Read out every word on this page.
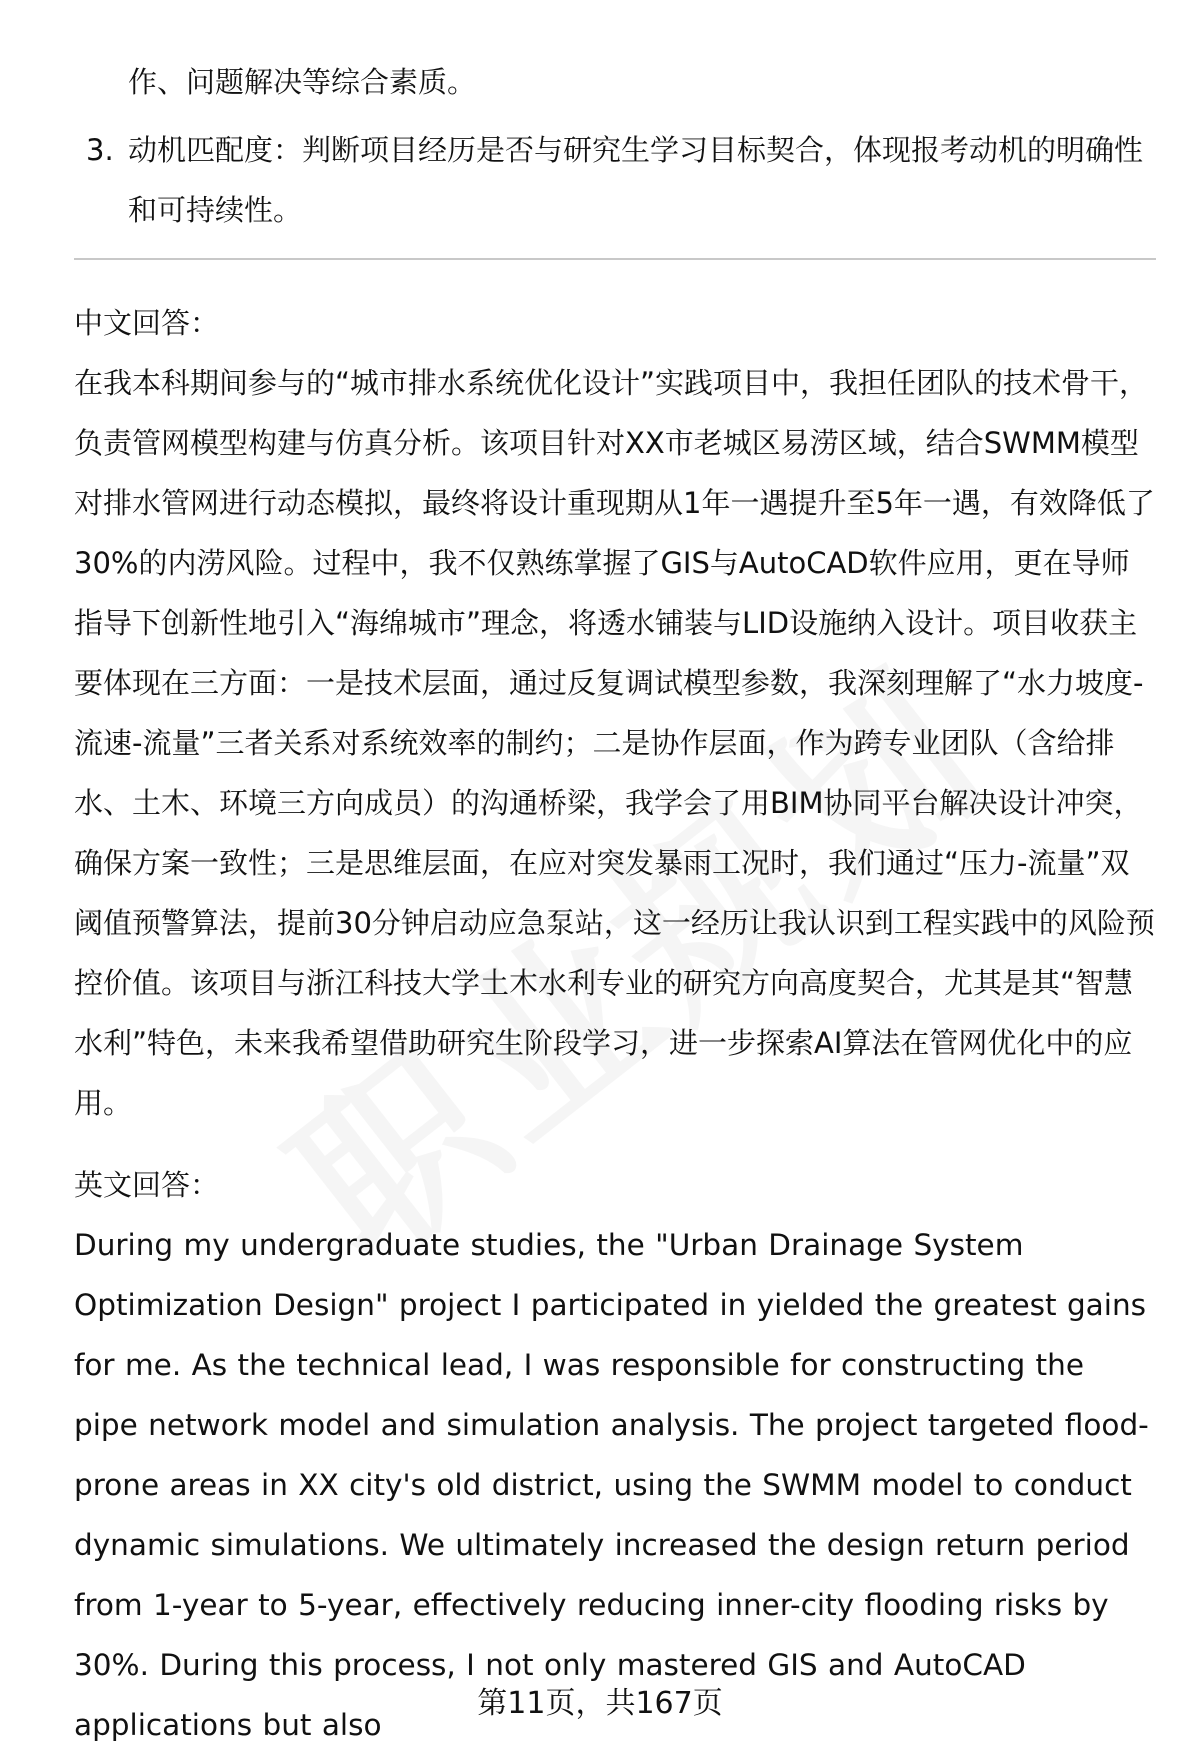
作、问题解决等综合素质。
3. 动机匹配度：判断项目经历是否与研究生学习目标契合，体现报考动机的明确性和可持续性。
中文回答：
在我本科期间参与的“城市排水系统优化设计”实践项目中，我担任团队的技术骨干，负责管网模型构建与仿真分析。该项目针对XX市老城区易涝区域，结合SWMM模型对排水管网进行动态模拟，最终将设计重现期从1年一遇提升至5年一遇，有效降低了30%的内涝风险。过程中，我不仅熟练掌握了GIS与AutoCAD软件应用，更在导师指导下创新性地引入“海绵城市”理念，将透水铺装与LID设施纳入设计。项目收获主要体现在三方面：一是技术层面，通过反复调试模型参数，我深刻理解了“水力坡度-流速-流量”三者关系对系统效率的制约；二是协作层面，作为跨专业团队（含给排水、土木、环境三方向成员）的沟通桥梁，我学会了用BIM协同平台解决设计冲突，确保方案一致性；三是思维层面，在应对突发暴雨工况时，我们通过“压力-流量”双阈值预警算法，提前30分钟启动应急泵站，这一经历让我认识到工程实践中的风险预控价值。该项目与浙江科技大学土木水利专业的研究方向高度契合，尤其是其“智慧水利”特色，未来我希望借助研究生阶段学习，进一步探索AI算法在管网优化中的应用。
英文回答：
During my undergraduate studies, the "Urban Drainage System Optimization Design" project I participated in yielded the greatest gains for me. As the technical lead, I was responsible for constructing the pipe network model and simulation analysis. The project targeted flood-prone areas in XX city's old district, using the SWMM model to conduct dynamic simulations. We ultimately increased the design return period from 1-year to 5-year, effectively reducing inner-city flooding risks by 30%. During this process, I not only mastered GIS and AutoCAD applications but also
第11页，共167页
